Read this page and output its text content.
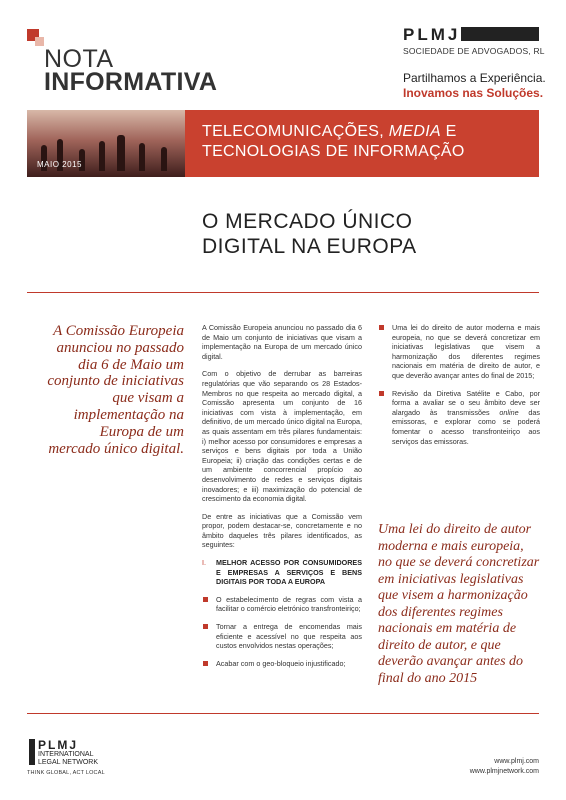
NOTA
INFORMATIVA
PLMJ
SOCIEDADE DE ADVOGADOS, RL
Partilhamos a Experiência.
Inovamos nas Soluções.
MAIO 2015
TELECOMUNICAÇÕES, MEDIA E
TECNOLOGIAS DE INFORMAÇÃO
O MERCADO ÚNICO
DIGITAL NA EUROPA
A Comissão Europeia anunciou no passado dia 6 de Maio um conjunto de iniciativas que visam a implementação na Europa de um mercado único digital.
Uma lei do direito de autor moderna e mais europeia, no que se deverá concretizar em iniciativas legislativas que visem a harmonização dos diferentes regimes nacionais em matéria de direito de autor, e que deverão avançar antes do final do ano 2015

A Comissão Europeia anunciou no passado dia 6 de Maio um conjunto de iniciativas que visam a implementação na Europa de um mercado único digital.

Com o objetivo de derrubar as barreiras regulatórias que vão separando os 28 Estados-Membros no que respeita ao mercado digital, a Comissão apresenta um conjunto de 16 iniciativas com vista à implementação, em definitivo, de um mercado único digital na Europa, as quais assentam em três pilares fundamentais: i) melhor acesso por consumidores e empresas a serviços e bens digitais por toda a União Europeia; ii) criação das condições certas e de um ambiente concorrencial propício ao desenvolvimento de redes e serviços digitais inovadores; e iii) maximização do potencial de crescimento da economia digital.

De entre as iniciativas que a Comissão vem propor, podem destacar-se, concretamente e no âmbito daqueles três pilares identificados, as seguintes:

I. MELHOR ACESSO POR CONSUMIDORES E EMPRESAS A SERVIÇOS E BENS DIGITAIS POR TODA A EUROPA
O estabelecimento de regras com vista a facilitar o comércio eletrónico transfronteiriço;
Tornar a entrega de encomendas mais eficiente e acessível no que respeita aos custos envolvidos nestas operações;
Acabar com o geo-bloqueio injustificado;
Uma lei do direito de autor moderna e mais europeia, no que se deverá concretizar em iniciativas legislativas que visem a harmonização dos diferentes regimes nacionais em matéria de direito de autor, e que deverão avançar antes do final de 2015;
Revisão da Diretiva Satélite e Cabo, por forma a avaliar se o seu âmbito deve ser alargado às transmissões online das emissoras, e explorar como se poderá fomentar o acesso transfronteiriço aos serviços das emissoras.
PLMJ
INTERNATIONAL
LEGAL NETWORK
THINK GLOBAL, ACT LOCAL
www.plmj.com
www.plmjnetwork.com
